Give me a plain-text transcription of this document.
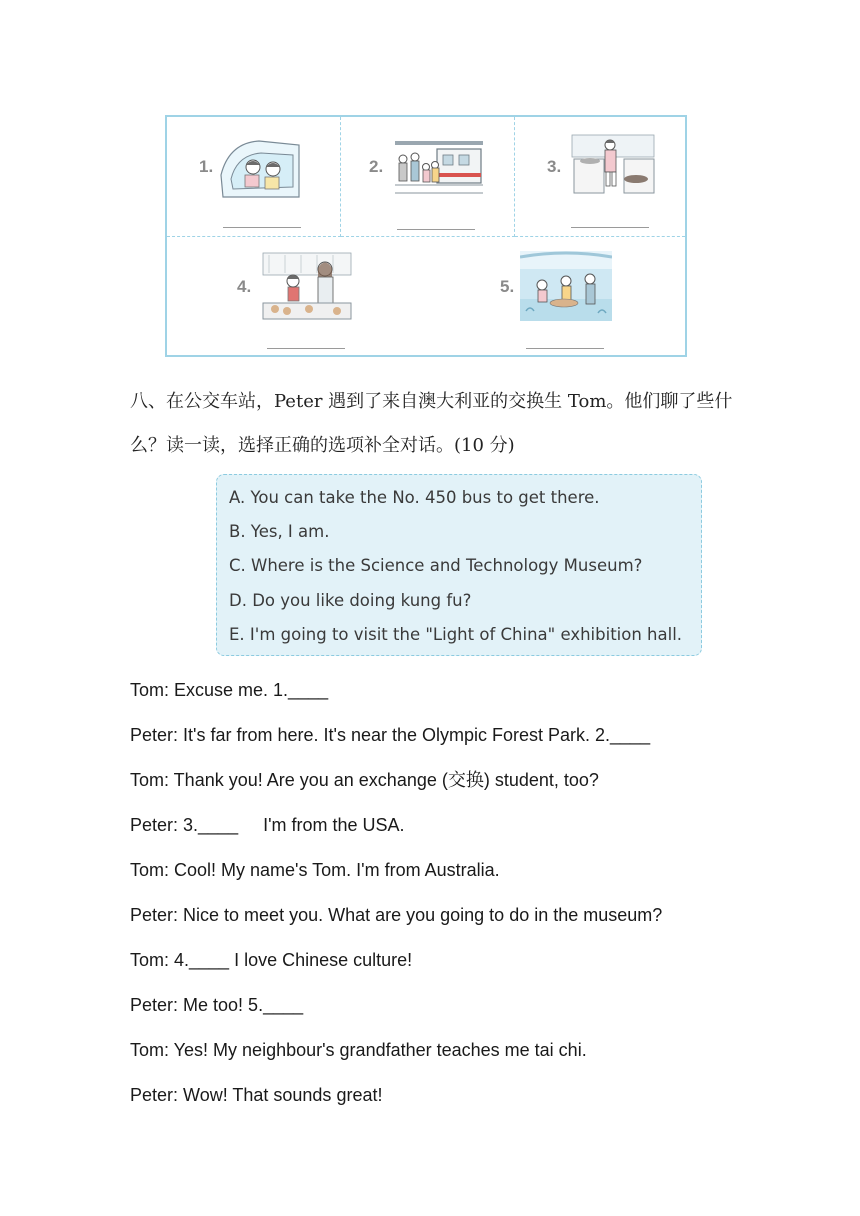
1.	2.	3.
4.	5.
八、在公交车站，Peter 遇到了来自澳大利亚的交换生 Tom。他们聊了些什么？读一读，选择正确的选项补全对话。(10 分)
A. You can take the No. 450 bus to get there.
B. Yes, I am.
C. Where is the Science and Technology Museum?
D. Do you like doing kung fu?
E. I'm going to visit the "Light of China" exhibition hall.
Tom: Excuse me. 1.____
Peter: It's far from here. It's near the Olympic Forest Park. 2.____
Tom: Thank you! Are you an exchange (交换) student, too?
Peter: 3.____     I'm from the USA.
Tom: Cool! My name's Tom. I'm from Australia.
Peter: Nice to meet you. What are you going to do in the museum?
Tom: 4.____ I love Chinese culture!
Peter: Me too! 5.____
Tom: Yes! My neighbour's grandfather teaches me tai chi.
Peter: Wow! That sounds great!
